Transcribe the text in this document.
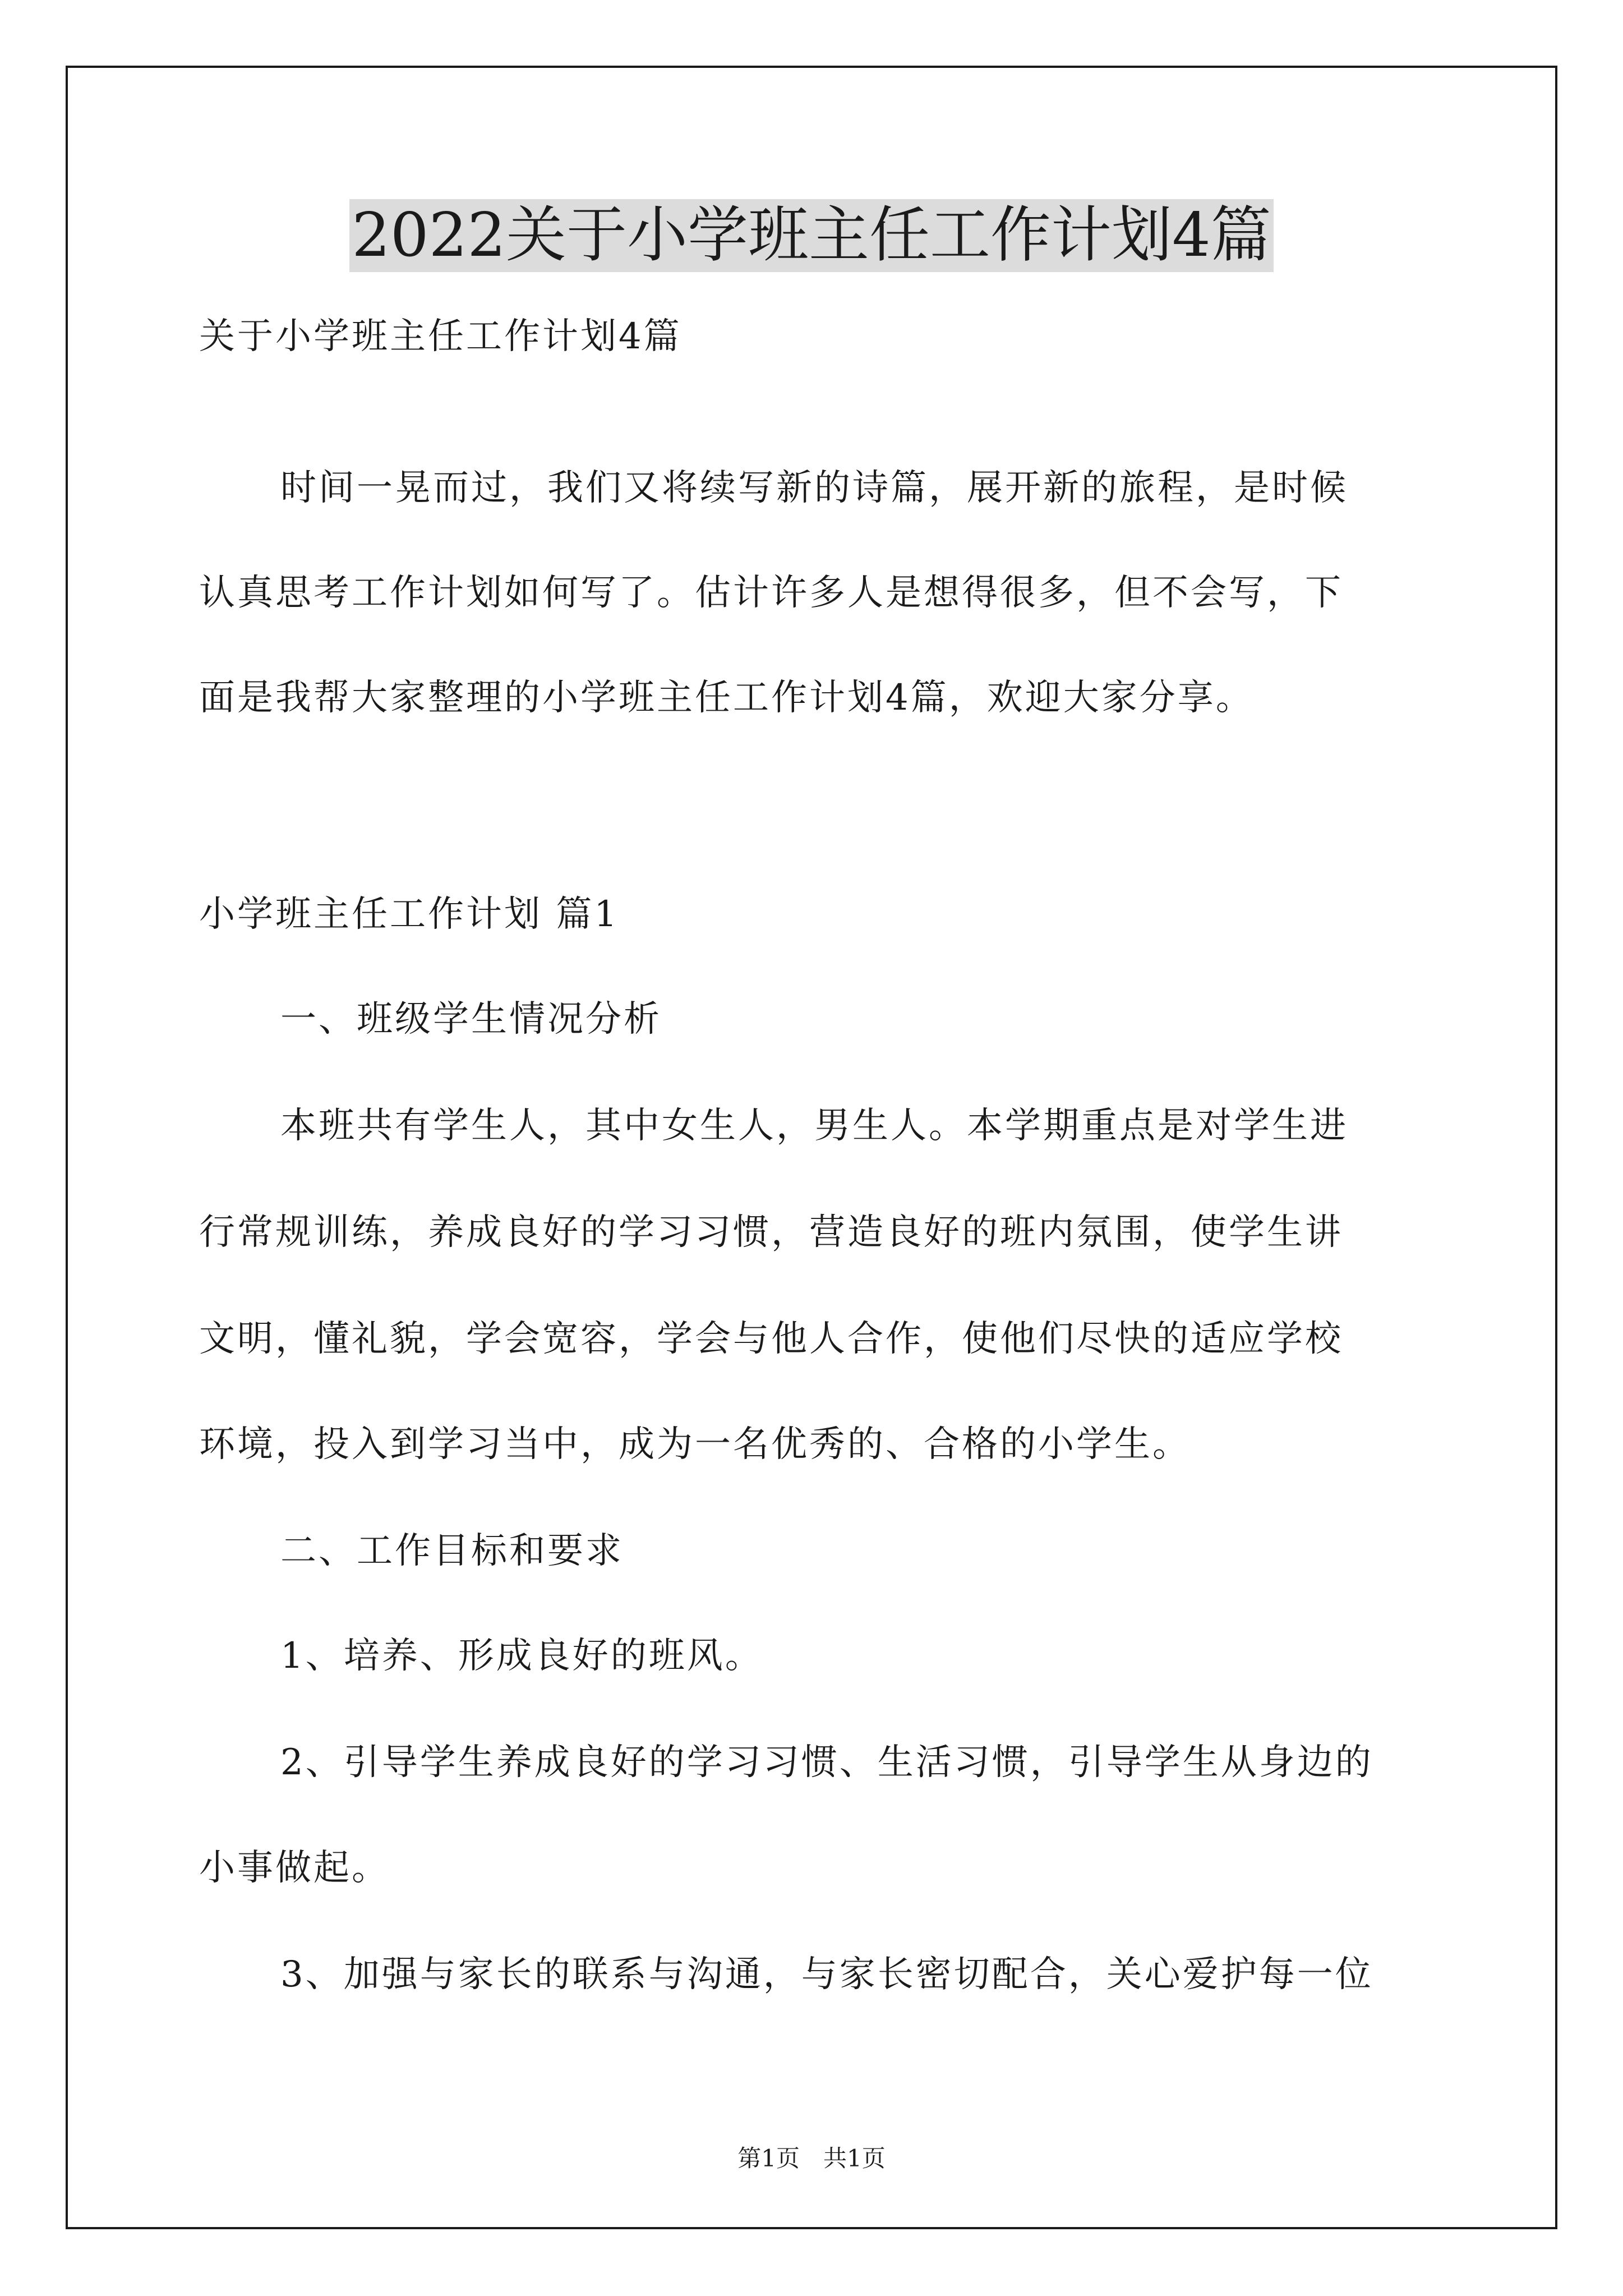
2022关于小学班主任工作计划4篇
关于小学班主任工作计划4篇
时间一晃而过，我们又将续写新的诗篇，展开新的旅程，是时候
认真思考工作计划如何写了。估计许多人是想得很多，但不会写，下
面是我帮大家整理的小学班主任工作计划4篇，欢迎大家分享。
小学班主任工作计划 篇1
一、班级学生情况分析
本班共有学生人，其中女生人，男生人。本学期重点是对学生进
行常规训练，养成良好的学习习惯，营造良好的班内氛围，使学生讲
文明，懂礼貌，学会宽容，学会与他人合作，使他们尽快的适应学校
环境，投入到学习当中，成为一名优秀的、合格的小学生。
二、工作目标和要求
1、培养、形成良好的班风。
2、引导学生养成良好的学习习惯、生活习惯，引导学生从身边的
小事做起。
3、加强与家长的联系与沟通，与家长密切配合，关心爱护每一位
第1页　共1页
